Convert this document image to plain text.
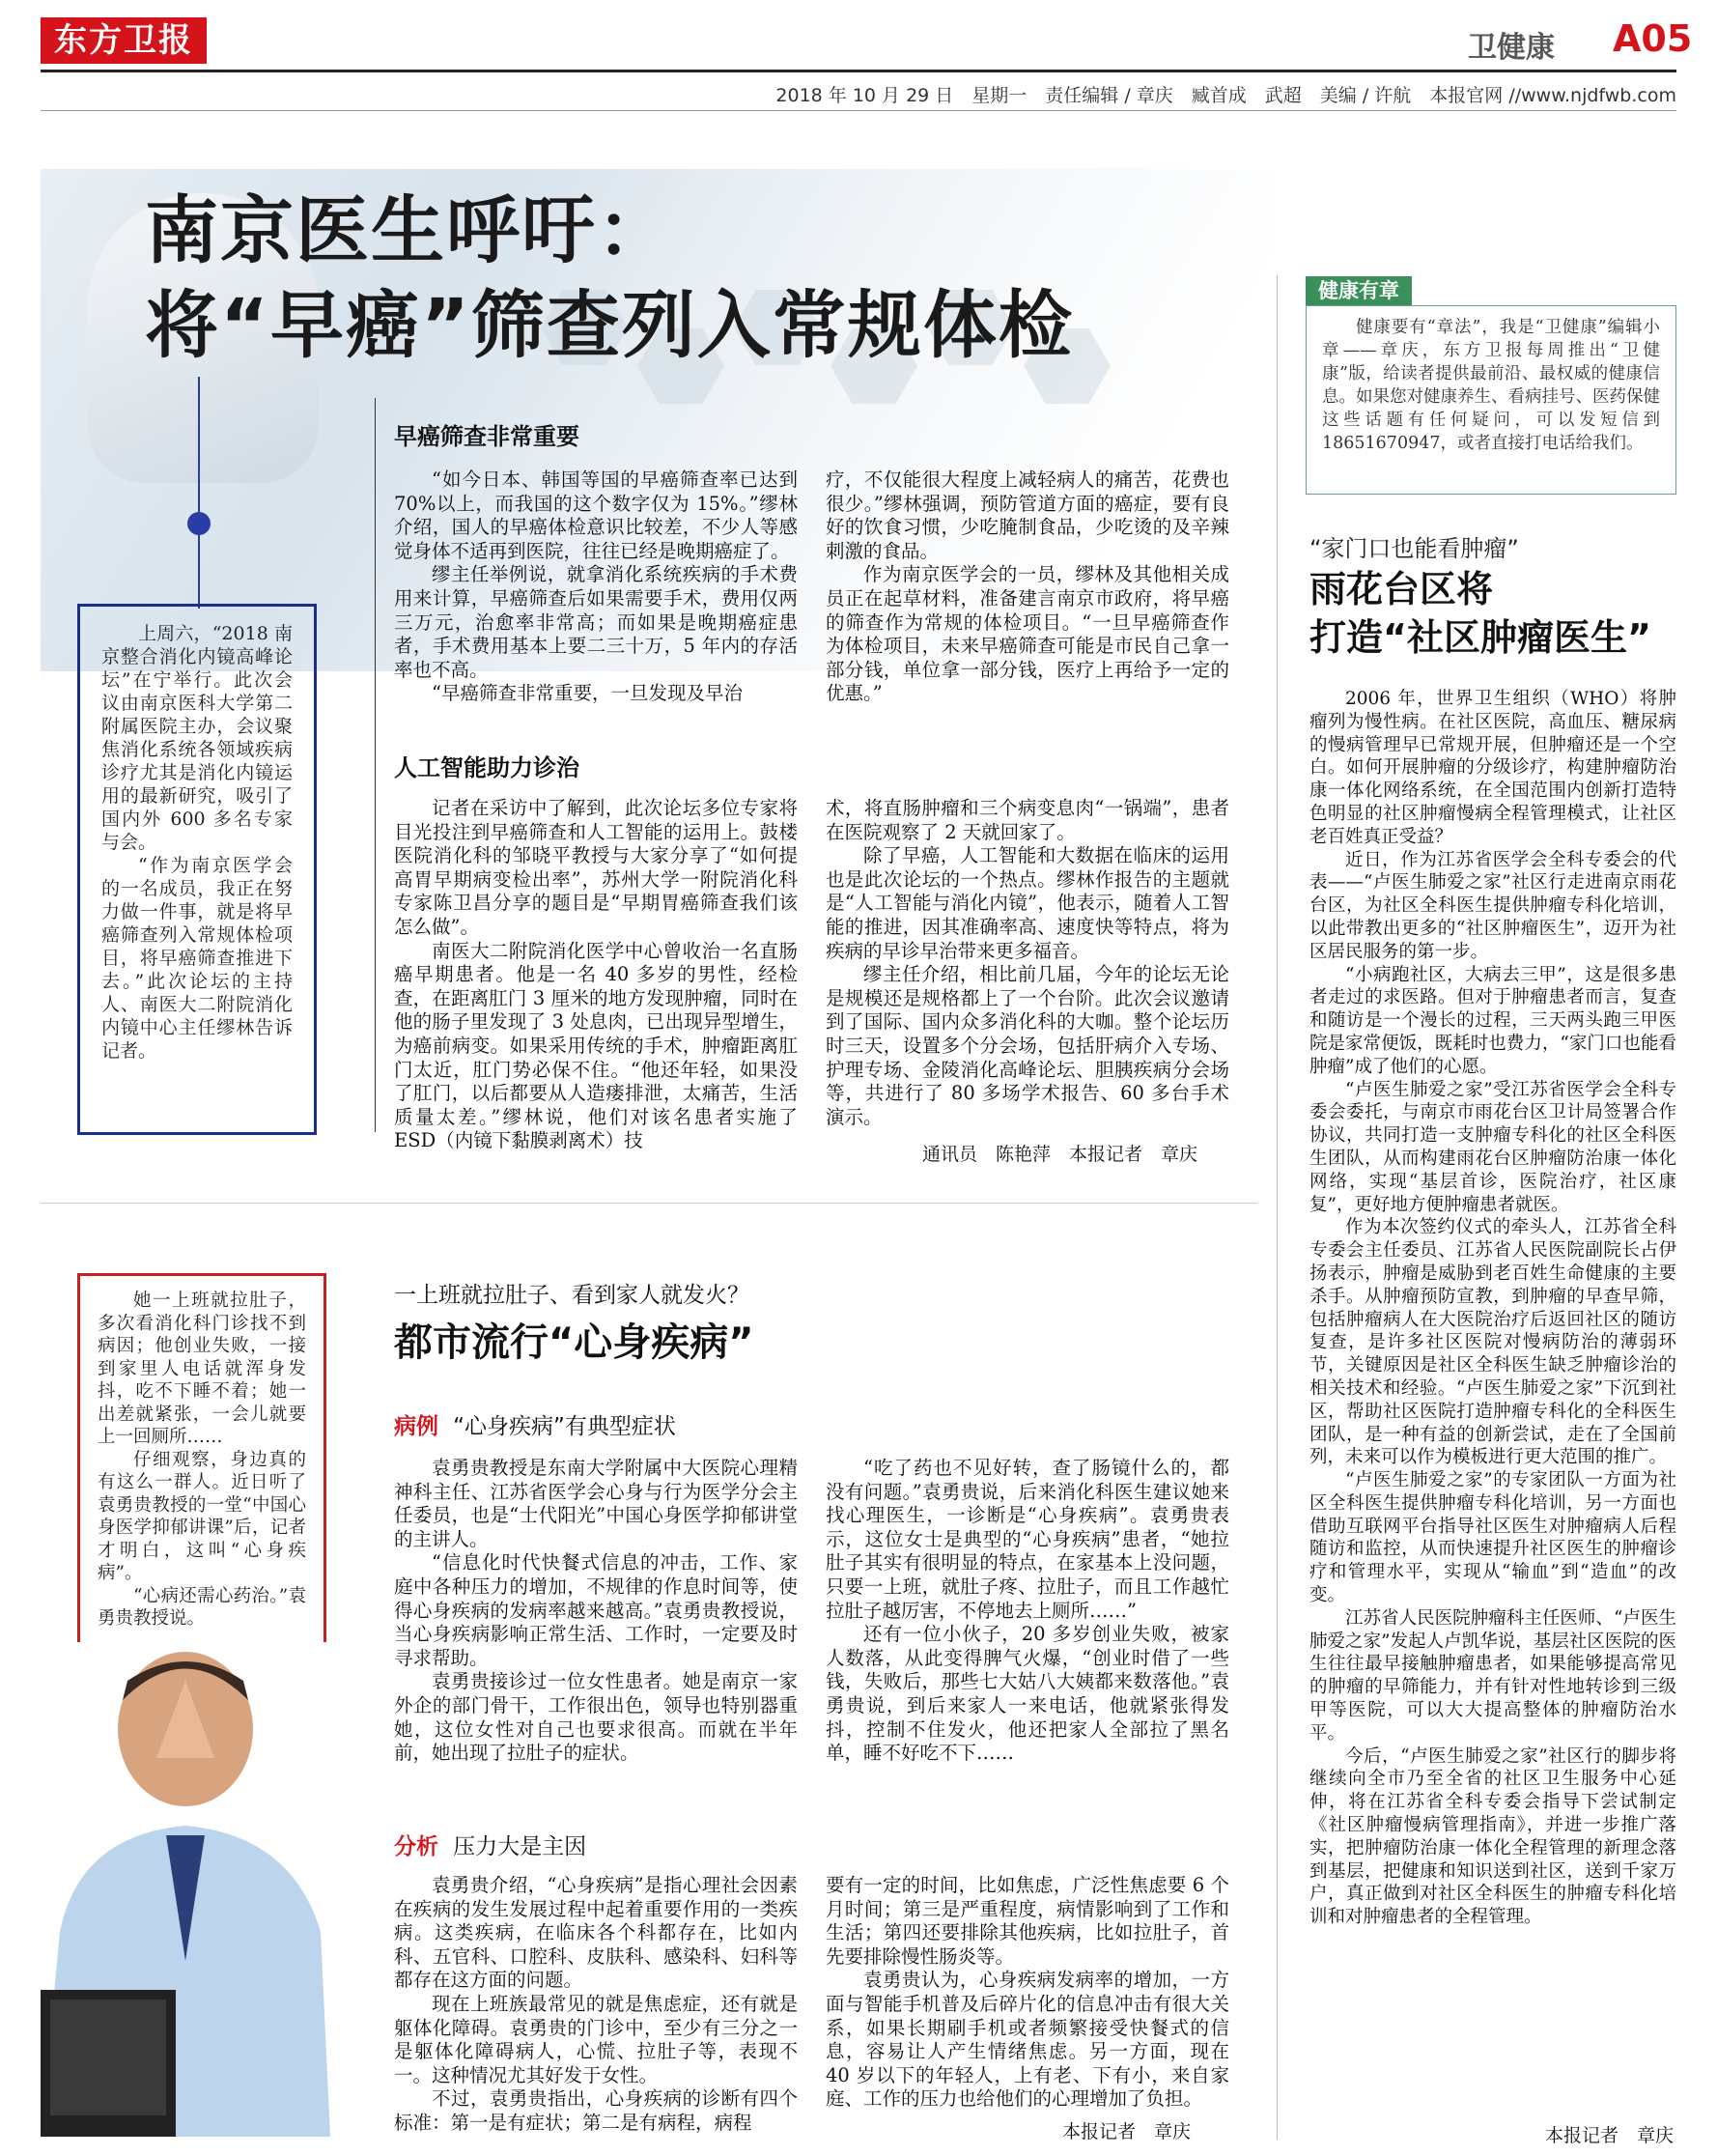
东方卫报	卫健康 A05
2018 年 10 月 29 日　星期一　责任编辑 / 章庆　臧首成　武超　美编 / 许航　本报官网 //www.njdfwb.com
南京医生呼吁：
将“早癌”筛查列入常规体检

上周六，“2018 南京整合消化内镜高峰论坛”在宁举行。此次会议由南京医科大学第二附属医院主办，会议聚焦消化系统各领域疾病诊疗尤其是消化内镜运用的最新研究，吸引了国内外 600 多名专家与会。

“作为南京医学会的一名成员，我正在努力做一件事，就是将早癌筛查列入常规体检项目，将早癌筛查推进下去。”此次论坛的主持人、南医大二附院消化内镜中心主任缪林告诉记者。

早癌筛查非常重要

“如今日本、韩国等国的早癌筛查率已达到 70%以上，而我国的这个数字仅为 15%。”缪林介绍，国人的早癌体检意识比较差，不少人等感觉身体不适再到医院，往往已经是晚期癌症了。

缪主任举例说，就拿消化系统疾病的手术费用来计算，早癌筛查后如果需要手术，费用仅两三万元，治愈率非常高；而如果是晚期癌症患者，手术费用基本上要二三十万，5 年内的存活率也不高。

“早癌筛查非常重要，一旦发现及早治

疗，不仅能很大程度上减轻病人的痛苦，花费也很少。”缪林强调，预防管道方面的癌症，要有良好的饮食习惯，少吃腌制食品，少吃烫的及辛辣刺激的食品。

作为南京医学会的一员，缪林及其他相关成员正在起草材料，准备建言南京市政府，将早癌的筛查作为常规的体检项目。“一旦早癌筛查作为体检项目，未来早癌筛查可能是市民自己拿一部分钱，单位拿一部分钱，医疗上再给予一定的优惠。”

人工智能助力诊治

记者在采访中了解到，此次论坛多位专家将目光投注到早癌筛查和人工智能的运用上。鼓楼医院消化科的邹晓平教授与大家分享了“如何提高胃早期病变检出率”，苏州大学一附院消化科专家陈卫昌分享的题目是“早期胃癌筛查我们该怎么做”。

南医大二附院消化医学中心曾收治一名直肠癌早期患者。他是一名 40 多岁的男性，经检查，在距离肛门 3 厘米的地方发现肿瘤，同时在他的肠子里发现了 3 处息肉，已出现异型增生，为癌前病变。如果采用传统的手术，肿瘤距离肛门太近，肛门势必保不住。“他还年轻，如果没了肛门，以后都要从人造瘘排泄，太痛苦，生活质量太差。”缪林说，他们对该名患者实施了 ESD（内镜下黏膜剥离术）技

术，将直肠肿瘤和三个病变息肉“一锅端”，患者在医院观察了 2 天就回家了。

除了早癌，人工智能和大数据在临床的运用也是此次论坛的一个热点。缪林作报告的主题就是“人工智能与消化内镜”，他表示，随着人工智能的推进，因其准确率高、速度快等特点，将为疾病的早诊早治带来更多福音。

缪主任介绍，相比前几届，今年的论坛无论是规模还是规格都上了一个台阶。此次会议邀请到了国际、国内众多消化科的大咖。整个论坛历时三天，设置多个分会场，包括肝病介入专场、护理专场、金陵消化高峰论坛、胆胰疾病分会场等，共进行了 80 多场学术报告、60 多台手术演示。

通讯员　陈艳萍　本报记者　章庆

她一上班就拉肚子，多次看消化科门诊找不到病因；他创业失败，一接到家里人电话就浑身发抖，吃不下睡不着；她一出差就紧张，一会儿就要上一回厕所……

仔细观察，身边真的有这么一群人。近日听了袁勇贵教授的一堂“中国心身医学抑郁讲课”后，记者才明白，这叫“心身疾病”。

“心病还需心药治。”袁勇贵教授说。

一上班就拉肚子、看到家人就发火？
都市流行“心身疾病”
病例 “心身疾病”有典型症状

袁勇贵教授是东南大学附属中大医院心理精神科主任、江苏省医学会心身与行为医学分会主任委员，也是“士代阳光”中国心身医学抑郁讲堂的主讲人。

“信息化时代快餐式信息的冲击，工作、家庭中各种压力的增加，不规律的作息时间等，使得心身疾病的发病率越来越高。”袁勇贵教授说，当心身疾病影响正常生活、工作时，一定要及时寻求帮助。

袁勇贵接诊过一位女性患者。她是南京一家外企的部门骨干，工作很出色，领导也特别器重她，这位女性对自己也要求很高。而就在半年前，她出现了拉肚子的症状。

“吃了药也不见好转，查了肠镜什么的，都没有问题。”袁勇贵说，后来消化科医生建议她来找心理医生，一诊断是“心身疾病”。袁勇贵表示，这位女士是典型的“心身疾病”患者，“她拉肚子其实有很明显的特点，在家基本上没问题，只要一上班，就肚子疼、拉肚子，而且工作越忙拉肚子越厉害，不停地去上厕所……”

还有一位小伙子，20 多岁创业失败，被家人数落，从此变得脾气火爆，“创业时借了一些钱，失败后，那些七大姑八大姨都来数落他。”袁勇贵说，到后来家人一来电话，他就紧张得发抖，控制不住发火，他还把家人全部拉了黑名单，睡不好吃不下……

分析 压力大是主因

袁勇贵介绍，“心身疾病”是指心理社会因素在疾病的发生发展过程中起着重要作用的一类疾病。这类疾病，在临床各个科都存在，比如内科、五官科、口腔科、皮肤科、感染科、妇科等都存在这方面的问题。

现在上班族最常见的就是焦虑症，还有就是躯体化障碍。袁勇贵的门诊中，至少有三分之一是躯体化障碍病人，心慌、拉肚子等，表现不一。这种情况尤其好发于女性。

不过，袁勇贵指出，心身疾病的诊断有四个标准：第一是有症状；第二是有病程，病程

要有一定的时间，比如焦虑，广泛性焦虑要 6 个月时间；第三是严重程度，病情影响到了工作和生活；第四还要排除其他疾病，比如拉肚子，首先要排除慢性肠炎等。

袁勇贵认为，心身疾病发病率的增加，一方面与智能手机普及后碎片化的信息冲击有很大关系，如果长期刷手机或者频繁接受快餐式的信息，容易让人产生情绪焦虑。另一方面，现在 40 岁以下的年轻人，上有老、下有小，来自家庭、工作的压力也给他们的心理增加了负担。

本报记者　章庆
健康有章

健康要有“章法”，我是“卫健康”编辑小章——章庆，东方卫报每周推出“卫健康”版，给读者提供最前沿、最权威的健康信息。如果您对健康养生、看病挂号、医药保健这些话题有任何疑问，可以发短信到 18651670947，或者直接打电话给我们。

“家门口也能看肿瘤”
雨花台区将
打造“社区肿瘤医生”

2006 年，世界卫生组织（WHO）将肿瘤列为慢性病。在社区医院，高血压、糖尿病的慢病管理早已常规开展，但肿瘤还是一个空白。如何开展肿瘤的分级诊疗，构建肿瘤防治康一体化网络系统，在全国范围内创新打造特色明显的社区肿瘤慢病全程管理模式，让社区老百姓真正受益？

近日，作为江苏省医学会全科专委会的代表——“卢医生肺爱之家”社区行走进南京雨花台区，为社区全科医生提供肿瘤专科化培训，以此带教出更多的“社区肿瘤医生”，迈开为社区居民服务的第一步。

“小病跑社区，大病去三甲”，这是很多患者走过的求医路。但对于肿瘤患者而言，复查和随访是一个漫长的过程，三天两头跑三甲医院是家常便饭，既耗时也费力，“家门口也能看肿瘤”成了他们的心愿。

“卢医生肺爱之家”受江苏省医学会全科专委会委托，与南京市雨花台区卫计局签署合作协议，共同打造一支肿瘤专科化的社区全科医生团队，从而构建雨花台区肿瘤防治康一体化网络，实现“基层首诊，医院治疗，社区康复”，更好地方便肿瘤患者就医。

作为本次签约仪式的牵头人，江苏省全科专委会主任委员、江苏省人民医院副院长占伊扬表示，肿瘤是威胁到老百姓生命健康的主要杀手。从肿瘤预防宣教，到肿瘤的早查早筛，包括肿瘤病人在大医院治疗后返回社区的随访复查，是许多社区医院对慢病防治的薄弱环节，关键原因是社区全科医生缺乏肿瘤诊治的相关技术和经验。“卢医生肺爱之家”下沉到社区，帮助社区医院打造肿瘤专科化的全科医生团队，是一种有益的创新尝试，走在了全国前列，未来可以作为模板进行更大范围的推广。

“卢医生肺爱之家”的专家团队一方面为社区全科医生提供肿瘤专科化培训，另一方面也借助互联网平台指导社区医生对肿瘤病人后程随访和监控，从而快速提升社区医生的肿瘤诊疗和管理水平，实现从“输血”到“造血”的改变。

江苏省人民医院肿瘤科主任医师、“卢医生肺爱之家”发起人卢凯华说，基层社区医院的医生往往最早接触肿瘤患者，如果能够提高常见的肿瘤的早筛能力，并有针对性地转诊到三级甲等医院，可以大大提高整体的肿瘤防治水平。

今后，“卢医生肺爱之家”社区行的脚步将继续向全市乃至全省的社区卫生服务中心延伸，将在江苏省全科专委会指导下尝试制定《社区肿瘤慢病管理指南》，并进一步推广落实，把肿瘤防治康一体化全程管理的新理念落到基层，把健康和知识送到社区，送到千家万户，真正做到对社区全科医生的肿瘤专科化培训和对肿瘤患者的全程管理。

本报记者　章庆
